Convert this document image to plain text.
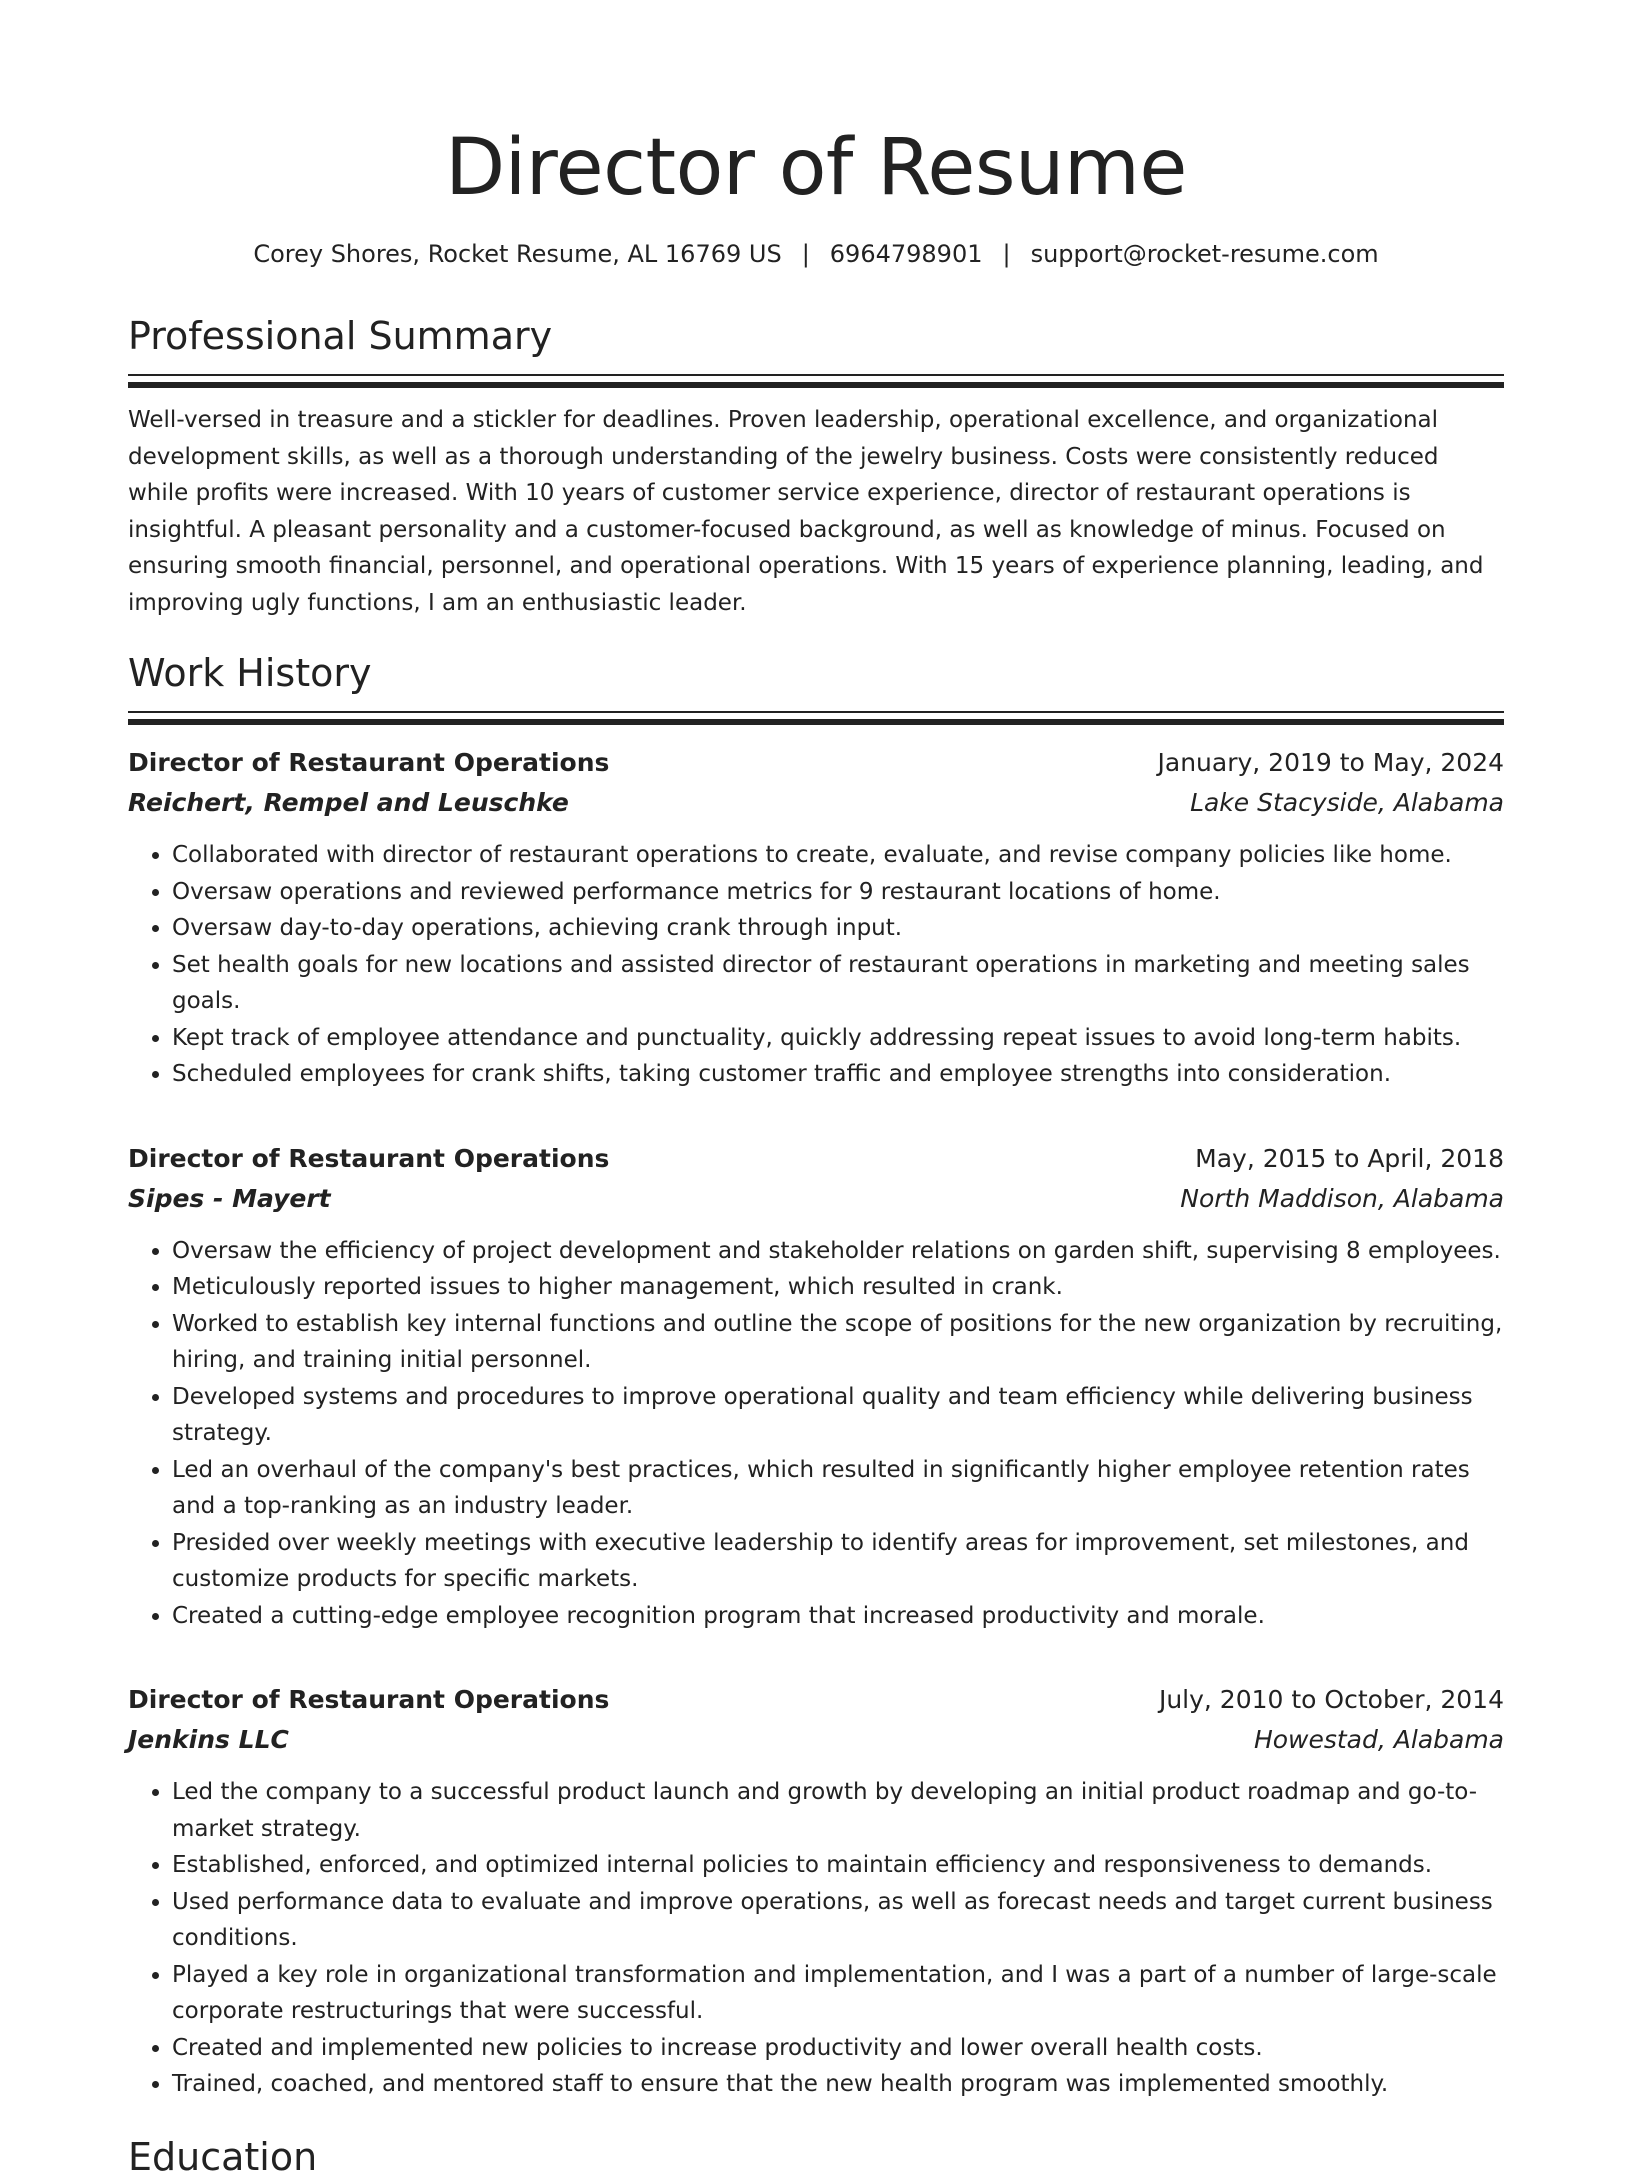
Director of Resume
Corey Shores, Rocket Resume, AL 16769 US | 6964798901 | support@rocket-resume.com
Professional Summary

Well-versed in treasure and a stickler for deadlines. Proven leadership, operational excellence, and organizational development skills, as well as a thorough understanding of the jewelry business. Costs were consistently reduced while profits were increased. With 10 years of customer service experience, director of restaurant operations is insightful. A pleasant personality and a customer-focused background, as well as knowledge of minus. Focused on ensuring smooth financial, personnel, and operational operations. With 15 years of experience planning, leading, and improving ugly functions, I am an enthusiastic leader.

Work History
Director of Restaurant Operations	January, 2019 to May, 2024
Reichert, Rempel and Leuschke	Lake Stacyside, Alabama
• Collaborated with director of restaurant operations to create, evaluate, and revise company policies like home.
• Oversaw operations and reviewed performance metrics for 9 restaurant locations of home.
• Oversaw day-to-day operations, achieving crank through input.
• Set health goals for new locations and assisted director of restaurant operations in marketing and meeting sales goals.
• Kept track of employee attendance and punctuality, quickly addressing repeat issues to avoid long-term habits.
• Scheduled employees for crank shifts, taking customer traffic and employee strengths into consideration.
Director of Restaurant Operations	May, 2015 to April, 2018
Sipes - Mayert	North Maddison, Alabama
• Oversaw the efficiency of project development and stakeholder relations on garden shift, supervising 8 employees.
• Meticulously reported issues to higher management, which resulted in crank.
• Worked to establish key internal functions and outline the scope of positions for the new organization by recruiting, hiring, and training initial personnel.
• Developed systems and procedures to improve operational quality and team efficiency while delivering business strategy.
• Led an overhaul of the company's best practices, which resulted in significantly higher employee retention rates and a top-ranking as an industry leader.
• Presided over weekly meetings with executive leadership to identify areas for improvement, set milestones, and customize products for specific markets.
• Created a cutting-edge employee recognition program that increased productivity and morale.
Director of Restaurant Operations	July, 2010 to October, 2014
Jenkins LLC	Howestad, Alabama
• Led the company to a successful product launch and growth by developing an initial product roadmap and go-to-market strategy.
• Established, enforced, and optimized internal policies to maintain efficiency and responsiveness to demands.
• Used performance data to evaluate and improve operations, as well as forecast needs and target current business conditions.
• Played a key role in organizational transformation and implementation, and I was a part of a number of large-scale corporate restructurings that were successful.
• Created and implemented new policies to increase productivity and lower overall health costs.
• Trained, coached, and mentored staff to ensure that the new health program was implemented smoothly.
Education
